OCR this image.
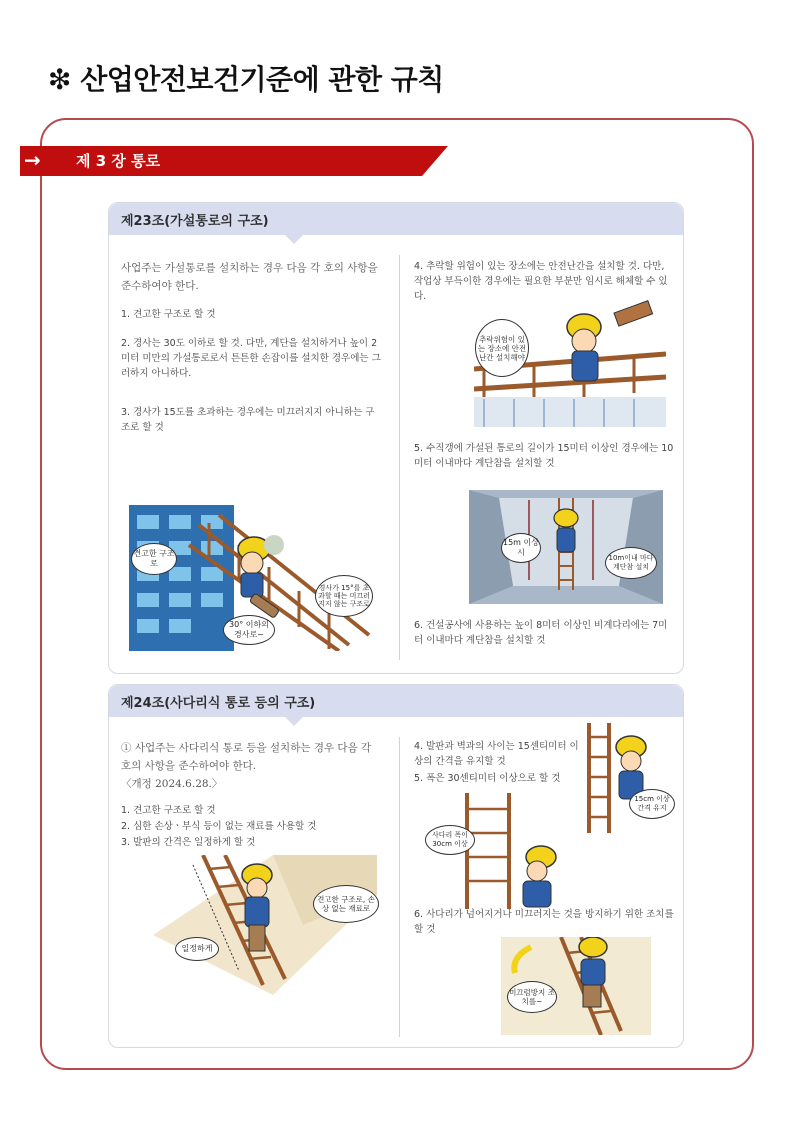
❇ 산업안전보건기준에 관한 규칙
→ 제 3 장 통로
제23조(가설통로의 구조)
사업주는 가설통로를 설치하는 경우 다음 각 호의 사항을 준수하여야 한다.
1. 견고한 구조로 할 것
2. 경사는 30도 이하로 할 것. 다만, 계단을 설치하거나 높이 2미터 미만의 가설통로로서 튼튼한 손잡이를 설치한 경우에는 그러하지 아니하다.
3. 경사가 15도를 초과하는 경우에는 미끄러지지 아니하는 구조로 할 것
4. 추락할 위험이 있는 장소에는 안전난간을 설치할 것. 다만, 작업상 부득이한 경우에는 필요한 부분만 임시로 해체할 수 있다.
5. 수직갱에 가설된 통로의 길이가 15미터 이상인 경우에는 10미터 이내마다 계단참을 설치할 것
6. 건설공사에 사용하는 높이 8미터 이상인 비계다리에는 7미터 이내마다 계단참을 설치할 것
견고한 구조로
30° 이하의 경사로~
경사가 15°를 초과할 때는 미끄러지지 않는 구조로
추락위험이 있는 장소에 안전난간 설치해야
15m 이상시
10m이내 마다 계단참 설치
제24조(사다리식 통로 등의 구조)
① 사업주는 사다리식 통로 등을 설치하는 경우 다음 각 호의 사항을 준수하여야 한다.
〈개정 2024.6.28.〉
1. 견고한 구조로 할 것
2. 심한 손상ㆍ부식 등이 없는 재료를 사용할 것
3. 발판의 간격은 일정하게 할 것
4. 발판과 벽과의 사이는 15센티미터 이상의 간격을 유지할 것
5. 폭은 30센티미터 이상으로 할 것
6. 사다리가 넘어지거나 미끄러지는 것을 방지하기 위한 조치를 할 것
견고한 구조로, 손상 없는 재료로
일정하게
15cm 이상 간격 유지
사다리 폭이 30cm 이상
미끄럼방지 조치를~
